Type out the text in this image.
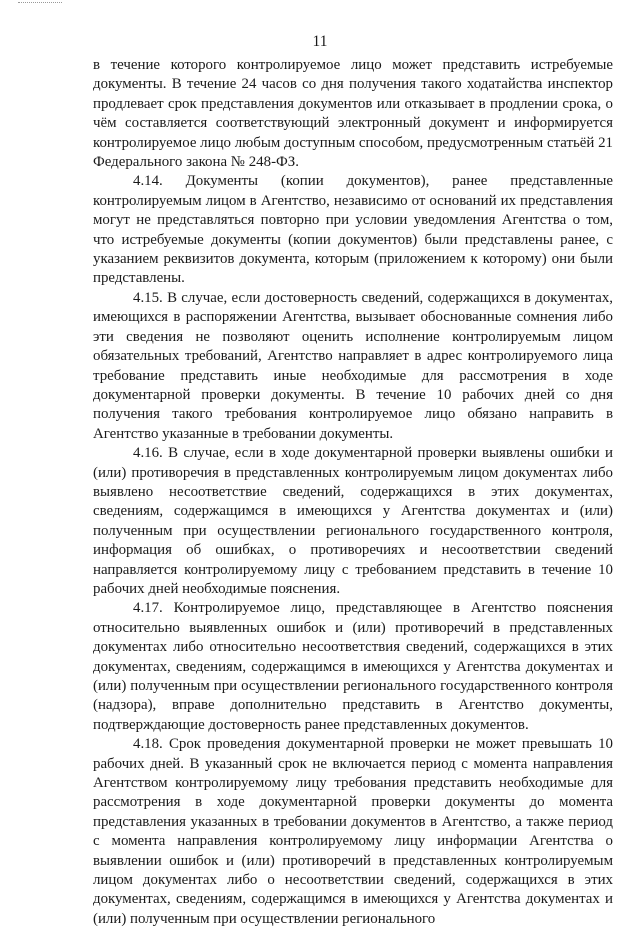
11

в течение которого контролируемое лицо может представить истребуемые документы. В течение 24 часов со дня получения такого ходатайства инспектор продлевает срок представления документов или отказывает в продлении срока, о чём составляется соответствующий электронный документ и информируется контролируемое лицо любым доступным способом, предусмотренным статьёй 21 Федерального закона № 248-ФЗ.

4.14. Документы (копии документов), ранее представленные контролируемым лицом в Агентство, независимо от оснований их представления могут не представляться повторно при условии уведомления Агентства о том, что истребуемые документы (копии документов) были представлены ранее, с указанием реквизитов документа, которым (приложением к которому) они были представлены.

4.15. В случае, если достоверность сведений, содержащихся в документах, имеющихся в распоряжении Агентства, вызывает обоснованные сомнения либо эти сведения не позволяют оценить исполнение контролируемым лицом обязательных требований, Агентство направляет в адрес контролируемого лица требование представить иные необходимые для рассмотрения в ходе документарной проверки документы. В течение 10 рабочих дней со дня получения такого требования контролируемое лицо обязано направить в Агентство указанные в требовании документы.

4.16. В случае, если в ходе документарной проверки выявлены ошибки и (или) противоречия в представленных контролируемым лицом документах либо выявлено несоответствие сведений, содержащихся в этих документах, сведениям, содержащимся в имеющихся у Агентства документах и (или) полученным при осуществлении регионального государственного контроля, информация об ошибках, о противоречиях и несоответствии сведений направляется контролируемому лицу с требованием представить в течение 10 рабочих дней необходимые пояснения.

4.17. Контролируемое лицо, представляющее в Агентство пояснения относительно выявленных ошибок и (или) противоречий в представленных документах либо относительно несоответствия сведений, содержащихся в этих документах, сведениям, содержащимся в имеющихся у Агентства документах и (или) полученным при осуществлении регионального государственного контроля (надзора), вправе дополнительно представить в Агентство документы, подтверждающие достоверность ранее представленных документов.

4.18. Срок проведения документарной проверки не может превышать 10 рабочих дней. В указанный срок не включается период с момента направления Агентством контролируемому лицу требования представить необходимые для рассмотрения в ходе документарной проверки документы до момента представления указанных в требовании документов в Агентство, а также период с момента направления контролируемому лицу информации Агентства о выявлении ошибок и (или) противоречий в представленных контролируемым лицом документах либо о несоответствии сведений, содержащихся в этих документах, сведениям, содержащимся в имеющихся у Агентства документах и (или) полученным при осуществлении регионального
